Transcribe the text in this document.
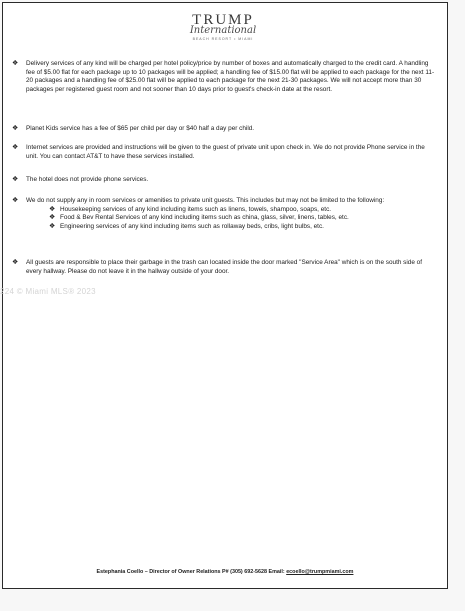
TRUMP
International
BEACH RESORT • MIAMI
❖ Delivery services of any kind will be charged per hotel policy/price by number of boxes and automatically charged to the credit card. A handling fee of $5.00 flat for each package up to 10 packages will be applied; a handling fee of $15.00 flat will be applied to each package for the next 11-20 packages and a handling fee of $25.00 flat will be applied to each package for the next 21-30 packages. We will not accept more than 30 packages per registered guest room and not sooner than 10 days prior to guest's check-in date at the resort.
❖ Planet Kids service has a fee of $65 per child per day or $40 half a day per child.
❖ Internet services are provided and instructions will be given to the guest of private unit upon check in. We do not provide Phone service in the unit. You can contact AT&T to have these services installed.
❖ The hotel does not provide phone services.
❖ We do not supply any in room services or amenities to private unit guests. This includes but may not be limited to the following:
❖ Housekeeping services of any kind including items such as linens, towels, shampoo, soaps, etc.
❖ Food & Bev Rental Services of any kind including items such as china, glass, silver, linens, tables, etc.
❖ Engineering services of any kind including items such as rollaway beds, cribs, light bulbs, etc.
❖ All guests are responsible to place their garbage in the trash can located inside the door marked "Service Area" which is on the south side of every hallway. Please do not leave it in the hallway outside of your door.
224 © Miami MLS® 2023
Estephania Coello – Director of Owner Relations P# (305) 692-5628 Email: ecoello@trumpmiami.com
